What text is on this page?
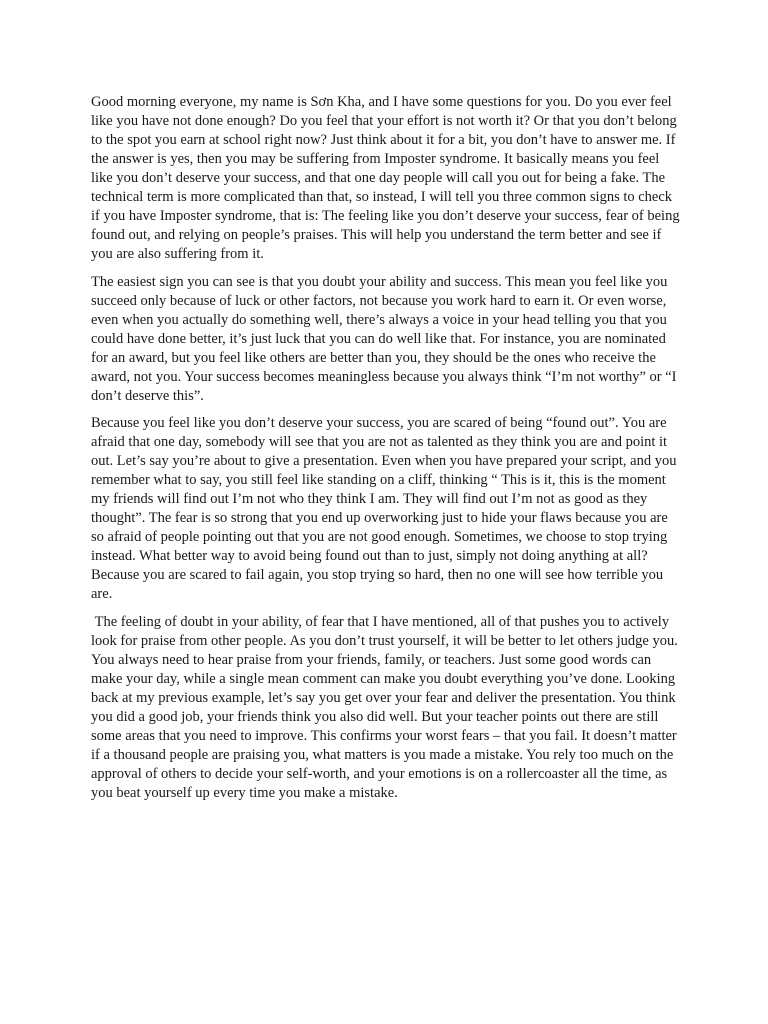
Good morning everyone, my name is Sơn Kha, and I have some questions for you. Do you ever feel like you have not done enough? Do you feel that your effort is not worth it? Or that you don’t belong to the spot you earn at school right now? Just think about it for a bit, you don’t have to answer me. If the answer is yes, then you may be suffering from Imposter syndrome. It basically means you feel like you don’t deserve your success, and that one day people will call you out for being a fake. The technical term is more complicated than that, so instead, I will tell you three common signs to check if you have Imposter syndrome, that is: The feeling like you don’t deserve your success, fear of being found out, and relying on people’s praises. This will help you understand the term better and see if you are also suffering from it.

The easiest sign you can see is that you doubt your ability and success. This mean you feel like you succeed only because of luck or other factors, not because you work hard to earn it. Or even worse, even when you actually do something well, there’s always a voice in your head telling you that you could have done better, it’s just luck that you can do well like that. For instance, you are nominated for an award, but you feel like others are better than you, they should be the ones who receive the award, not you. Your success becomes meaningless because you always think “I’m not worthy” or “I don’t deserve this”.

Because you feel like you don’t deserve your success, you are scared of being “found out”. You are afraid that one day, somebody will see that you are not as talented as they think you are and point it out. Let’s say you’re about to give a presentation. Even when you have prepared your script, and you remember what to say, you still feel like standing on a cliff, thinking “ This is it, this is the moment my friends will find out I’m not who they think I am. They will find out I’m not as good as they thought”. The fear is so strong that you end up overworking just to hide your flaws because you are so afraid of people pointing out that you are not good enough. Sometimes, we choose to stop trying instead. What better way to avoid being found out than to just, simply not doing anything at all? Because you are scared to fail again, you stop trying so hard, then no one will see how terrible you are.

The feeling of doubt in your ability, of fear that I have mentioned, all of that pushes you to actively look for praise from other people. As you don’t trust yourself, it will be better to let others judge you. You always need to hear praise from your friends, family, or teachers. Just some good words can make your day, while a single mean comment can make you doubt everything you’ve done. Looking back at my previous example, let’s say you get over your fear and deliver the presentation. You think you did a good job, your friends think you also did well. But your teacher points out there are still some areas that you need to improve. This confirms your worst fears – that you fail. It doesn’t matter if a thousand people are praising you, what matters is you made a mistake. You rely too much on the approval of others to decide your self-worth, and your emotions is on a rollercoaster all the time, as you beat yourself up every time you make a mistake.
